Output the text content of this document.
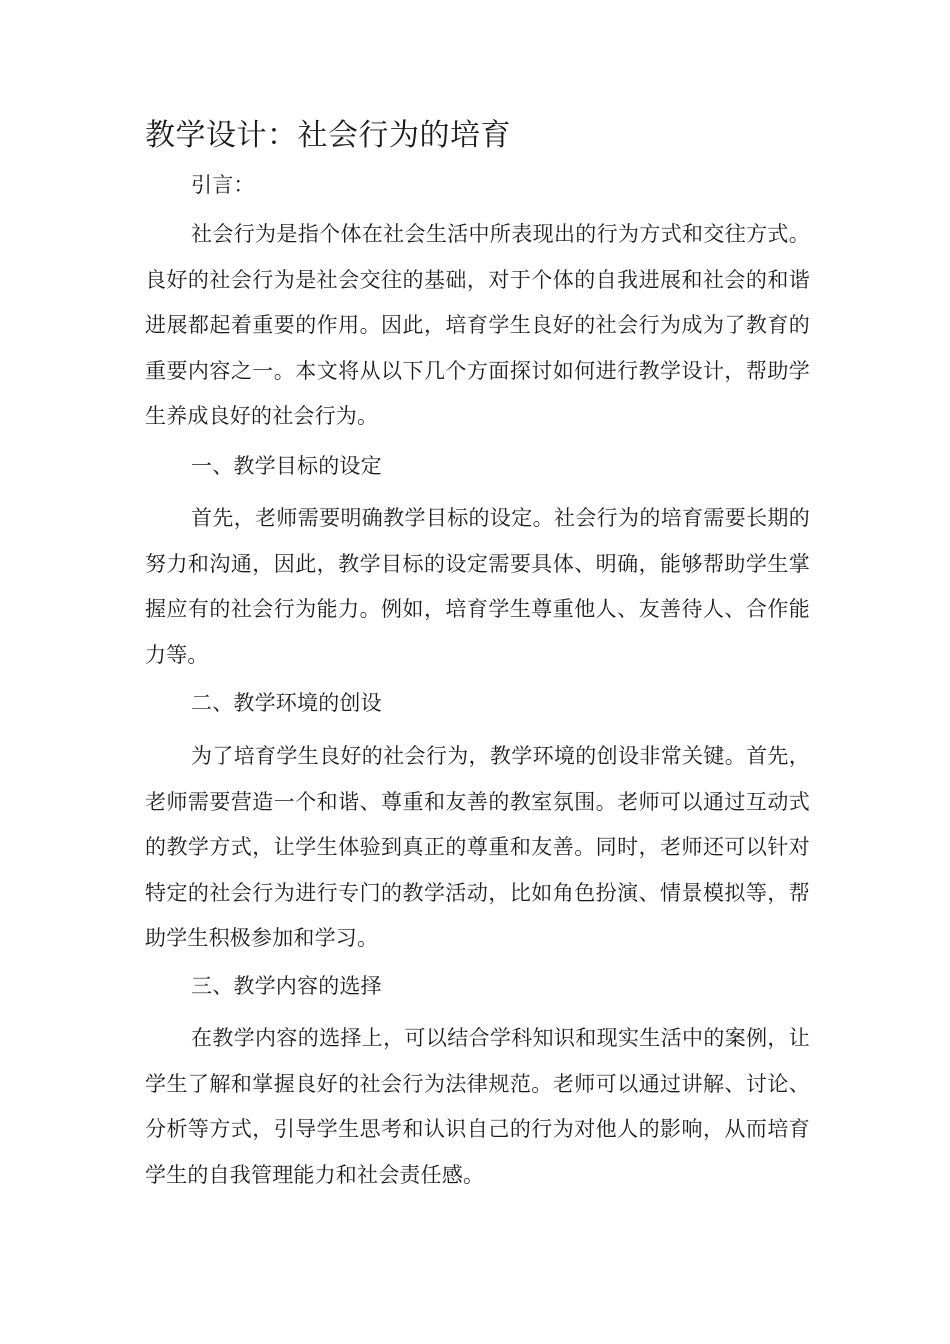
教学设计：社会行为的培育

引言：

社会行为是指个体在社会生活中所表现出的行为方式和交往方式。良好的社会行为是社会交往的基础，对于个体的自我进展和社会的和谐进展都起着重要的作用。因此，培育学生良好的社会行为成为了教育的重要内容之一。本文将从以下几个方面探讨如何进行教学设计，帮助学生养成良好的社会行为。

一、教学目标的设定

首先，老师需要明确教学目标的设定。社会行为的培育需要长期的努力和沟通，因此，教学目标的设定需要具体、明确，能够帮助学生掌握应有的社会行为能力。例如，培育学生尊重他人、友善待人、合作能力等。

二、教学环境的创设

为了培育学生良好的社会行为，教学环境的创设非常关键。首先，老师需要营造一个和谐、尊重和友善的教室氛围。老师可以通过互动式的教学方式，让学生体验到真正的尊重和友善。同时，老师还可以针对特定的社会行为进行专门的教学活动，比如角色扮演、情景模拟等，帮助学生积极参加和学习。

三、教学内容的选择

在教学内容的选择上，可以结合学科知识和现实生活中的案例，让学生了解和掌握良好的社会行为法律规范。老师可以通过讲解、讨论、分析等方式，引导学生思考和认识自己的行为对他人的影响，从而培育学生的自我管理能力和社会责任感。
